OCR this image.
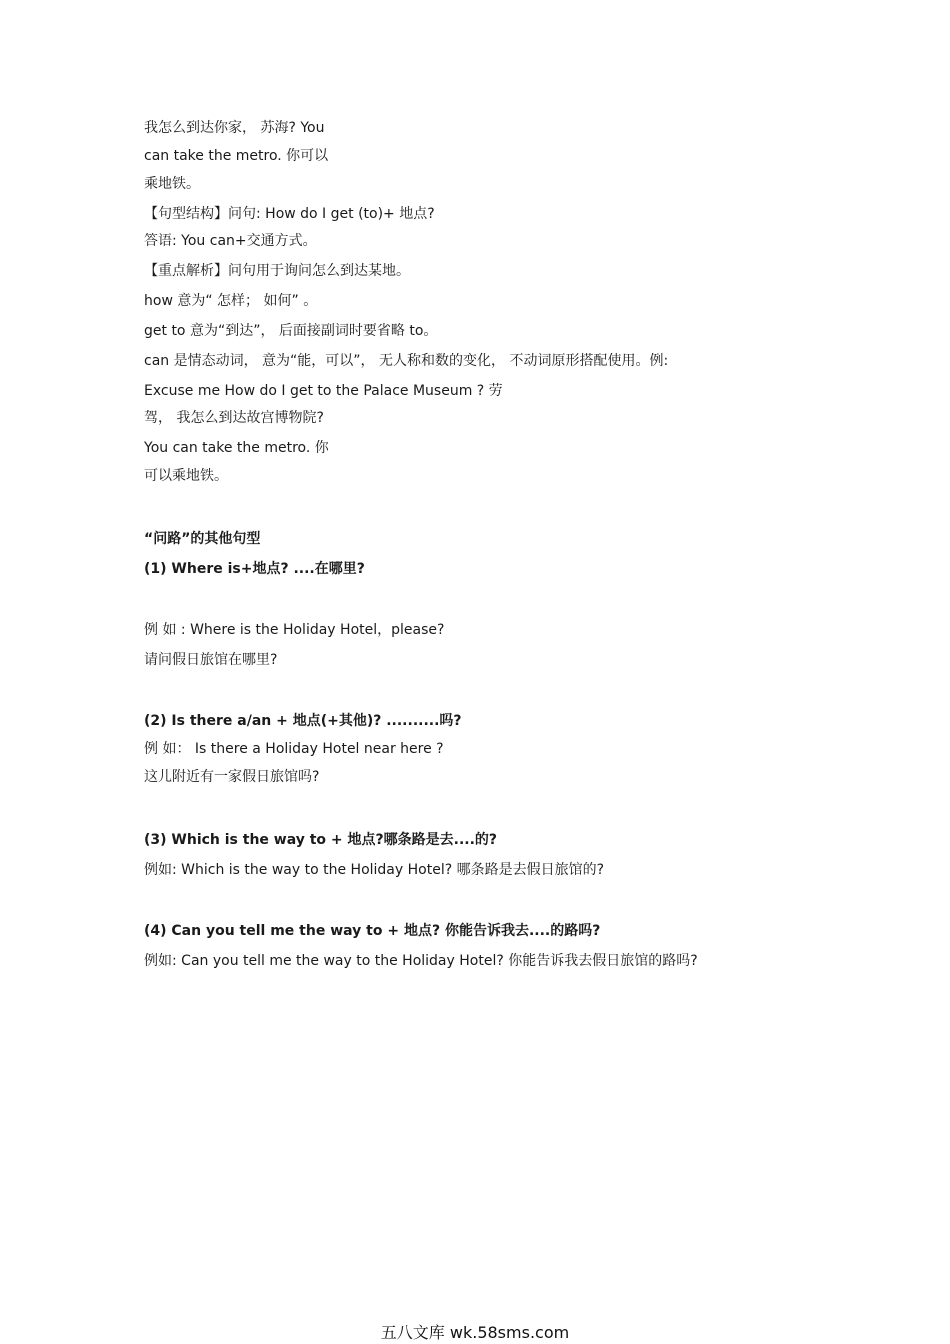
我怎么到达你家， 苏海? You
can take the metro. 你可以
乘地铁。
【句型结构】问句: How do I get (to)+ 地点?
答语: You can+交通方式。
【重点解析】问句用于询问怎么到达某地。
how 意为“ 怎样； 如何” 。
get to 意为“到达”， 后面接副词时要省略 to。
can 是情态动词， 意为“能，可以”， 无人称和数的变化， 不动词原形搭配使用。例:
Excuse me How do I get to the Palace Museum ? 劳
驾， 我怎么到达故宫博物院?
You can take the metro. 你
可以乘地铁。
“问路”的其他句型
(1) Where is+地点? ....在哪里?
例 如 : Where is the Holiday Hotel，please?
请问假日旅馆在哪里?
(2) Is there a/an + 地点(+其他)? ..........吗?
例 如： Is there a Holiday Hotel near here ?
这儿附近有一家假日旅馆吗?
(3) Which is the way to + 地点?哪条路是去....的?
例如: Which is the way to the Holiday Hotel? 哪条路是去假日旅馆的?
(4) Can you tell me the way to + 地点? 你能告诉我去....的路吗?
例如: Can you tell me the way to the Holiday Hotel? 你能告诉我去假日旅馆的路吗?
五八文库 wk.58sms.com
